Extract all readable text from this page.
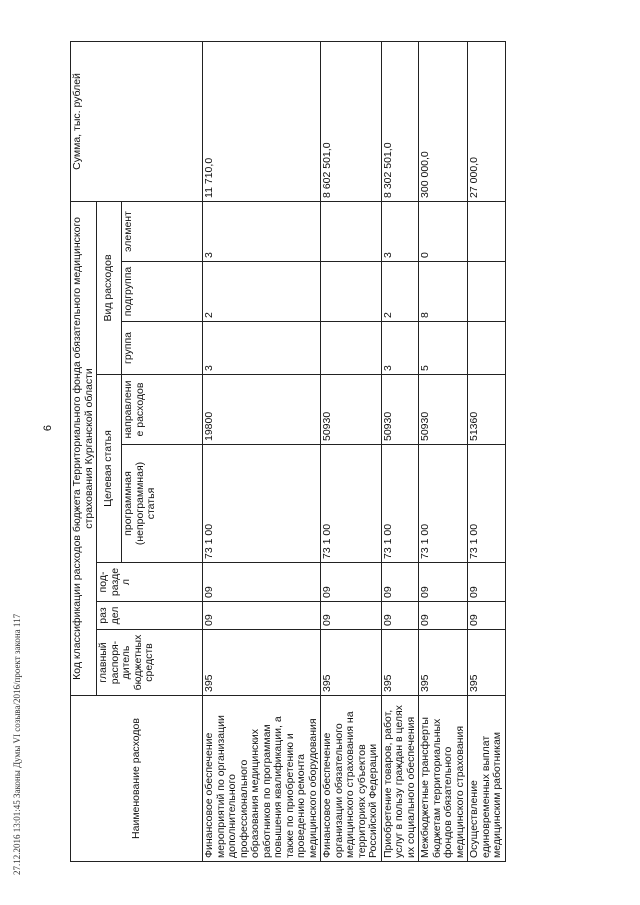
6
Наименование расходов	Код классификации расходов бюджета Территориального фонда обязательного медицинского страхования Курганской области								Сумма, тыс. рублей
	главный распоря-дитель бюджетных средств	раздел	под-раздел	Целевая статья		Вид расходов			
				программная (непрограммная) статья	направление расходов	группа	подгруппа	элемент	
Финансовое обеспечение мероприятий по организации дополнительного профессионального образования медицинских работников по программам повышения квалификации, а также по приобретению и проведению ремонта медицинского оборудования	395	09	09	73 1 00	19800	3	2	3	11 710,0
Финансовое обеспечение организации обязательного медицинского страхования на территориях субъектов Российской Федерации	395	09	09	73 1 00	50930				8 602 501,0
Приобретение товаров, работ, услуг в пользу граждан в целях их социального обеспечения	395	09	09	73 1 00	50930	3	2	3	8 302 501,0
Межбюджетные трансферты бюджетам территориальных фондов обязательного медицинского страхования	395	09	09	73 1 00	50930	5	8	0	300 000,0
Осуществление единовременных выплат медицинским работникам	395	09	09	73 1 00	51360				27 000,0
27.12.2016 13:01:45 Законы Думы VI созыва/2016/проект закона 117
